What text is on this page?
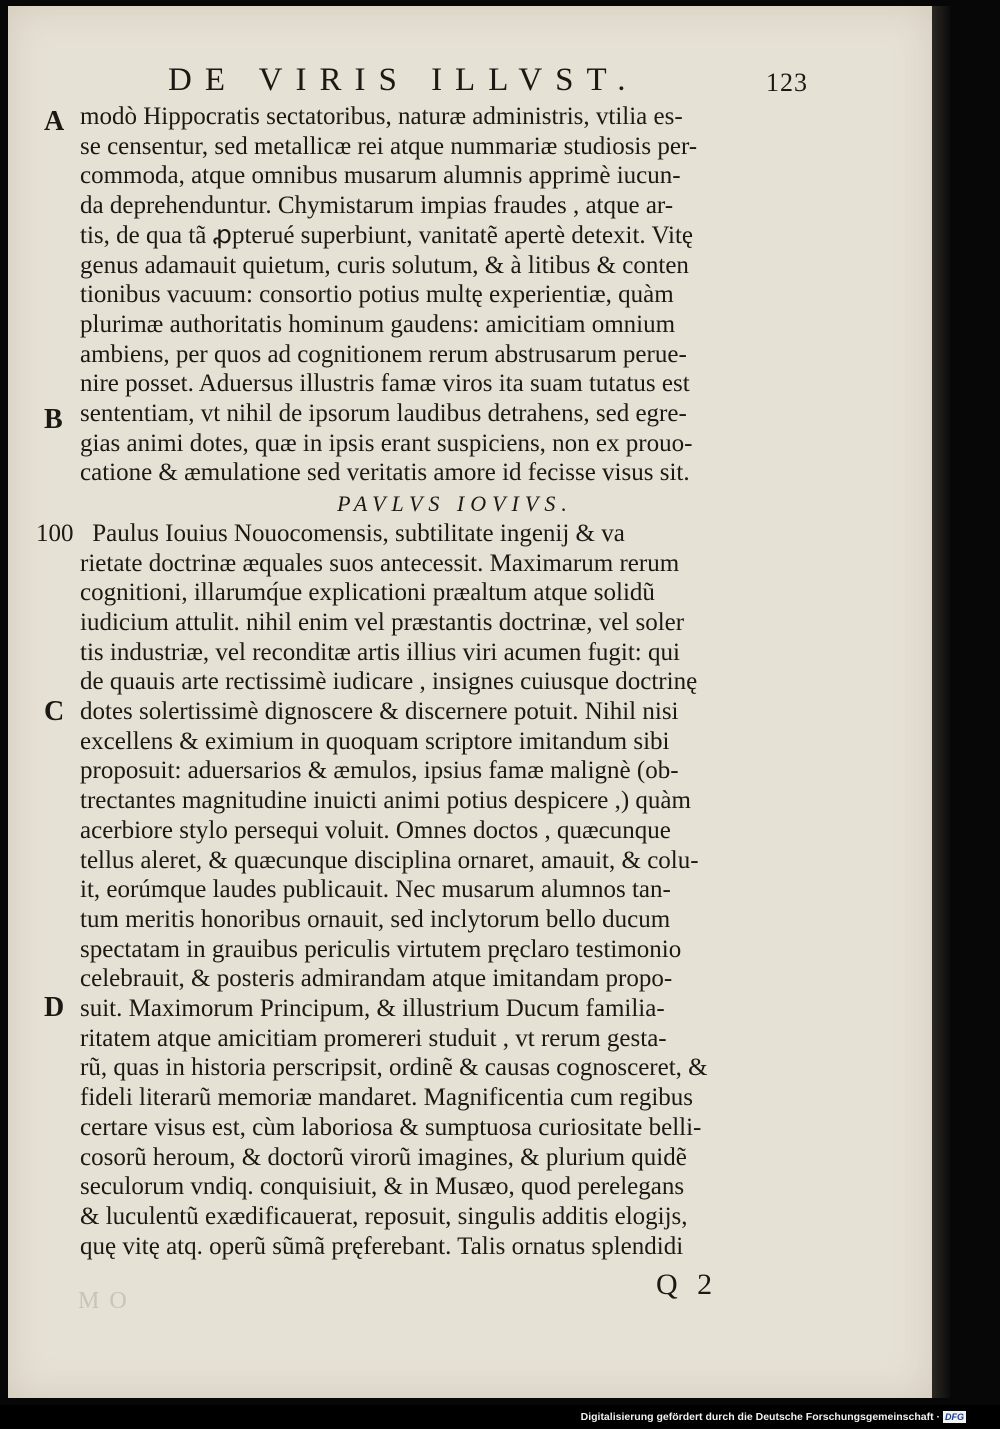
DE VIRIS ILLVST.	123
A
B
C
D
modò Hippocratis sectatoribus, naturæ administris, vtilia es-
se censentur, sed metallicæ rei atque nummariæ studiosis per-
commoda, atque omnibus musarum alumnis apprimè iucun-
da deprehenduntur. Chymistarum impias fraudes , atque ar-
tis, de qua tã ꝓpterué superbiunt, vanitatẽ apertè detexit. Vitę
genus adamauit quietum, curis solutum, & à litibus & conten
tionibus vacuum: consortio potius multę experientiæ, quàm
plurimæ authoritatis hominum gaudens: amicitiam omnium
ambiens, per quos ad cognitionem rerum abstrusarum perue-
nire posset. Aduersus illustris famæ viros ita suam tutatus est
sententiam, vt nihil de ipsorum laudibus detrahens, sed egre-
gias animi dotes, quæ in ipsis erant suspiciens, non ex prouo-
catione & æmulatione sed veritatis amore id fecisse visus sit.
PAVLVS IOVIVS.
100 Paulus Iouius Nouocomensis, subtilitate ingenij & va
rietate doctrinæ æquales suos antecessit. Maximarum rerum
cognitioni, illarumq́ue explicationi præaltum atque solidũ
iudicium attulit. nihil enim vel præstantis doctrinæ, vel soler
tis industriæ, vel reconditæ artis illius viri acumen fugit: qui
de quauis arte rectissimè iudicare , insignes cuiusque doctrinę
dotes solertissimè dignoscere & discernere potuit. Nihil nisi
excellens & eximium in quoquam scriptore imitandum sibi
proposuit: aduersarios & æmulos, ipsius famæ malignè (ob-
trectantes magnitudine inuicti animi potius despicere ,) quàm
acerbiore stylo persequi voluit. Omnes doctos , quæcunque
tellus aleret, & quæcunque disciplina ornaret, amauit, & colu-
it, eorúmque laudes publicauit. Nec musarum alumnos tan-
tum meritis honoribus ornauit, sed inclytorum bello ducum
spectatam in grauibus periculis virtutem pręclaro testimonio
celebrauit, & posteris admirandam atque imitandam propo-
suit. Maximorum Principum, & illustrium Ducum familia-
ritatem atque amicitiam promereri studuit , vt rerum gesta-
rũ, quas in historia perscripsit, ordinẽ & causas cognosceret, &
fideli literarũ memoriæ mandaret. Magnificentia cum regibus
certare visus est, cùm laboriosa & sumptuosa curiositate belli-
cosorũ heroum, & doctorũ virorũ imagines, & plurium quidẽ
seculorum vndiq. conquisiuit, & in Musæo, quod perelegans
& luculentũ exædificauerat, reposuit, singulis additis elogijs,
quę vitę atq. operũ sũmã pręferebant. Talis ornatus splendidi
Q 2
M O
Digitalisierung gefördert durch die Deutsche Forschungsgemeinschaft · DFG
